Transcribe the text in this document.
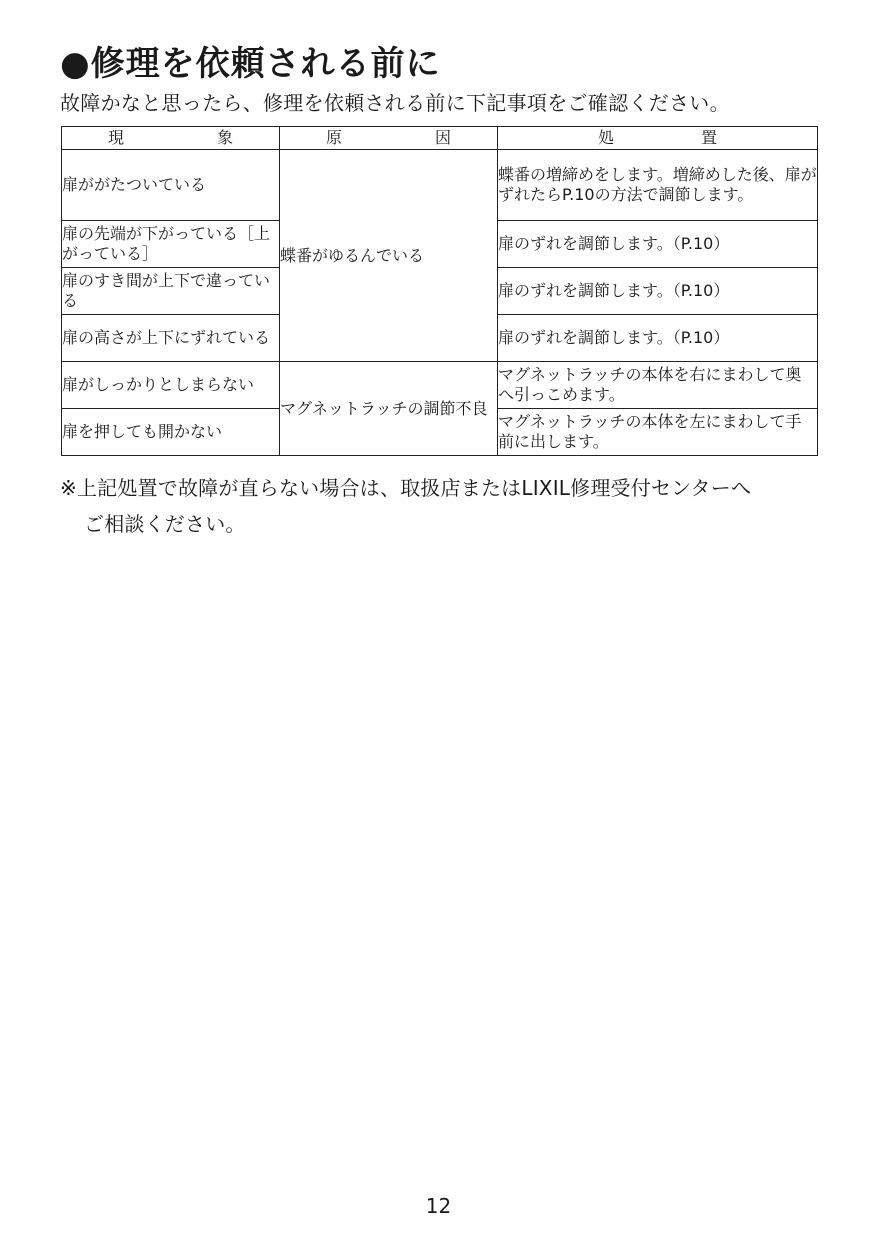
●修理を依頼される前に
故障かなと思ったら、修理を依頼される前に下記事項をご確認ください。
現 象	原 因	処 置

扉ががたついている	蝶番がゆるんでいる	蝶番の増締めをします。増締めした後、扉がずれたらP.10の方法で調節します。
扉の先端が下がっている［上がっている］		扉のずれを調節します。（P.10）
扉のすき間が上下で違っている		扉のずれを調節します。（P.10）
扉の高さが上下にずれている		扉のずれを調節します。（P.10）
扉がしっかりとしまらない	マグネットラッチの調節不良	マグネットラッチの本体を右にまわして奥へ引っこめます。
扉を押しても開かない		マグネットラッチの本体を左にまわして手前に出します。
※上記処置で故障が直らない場合は、取扱店またはLIXIL修理受付センターへ
ご相談ください。
12
